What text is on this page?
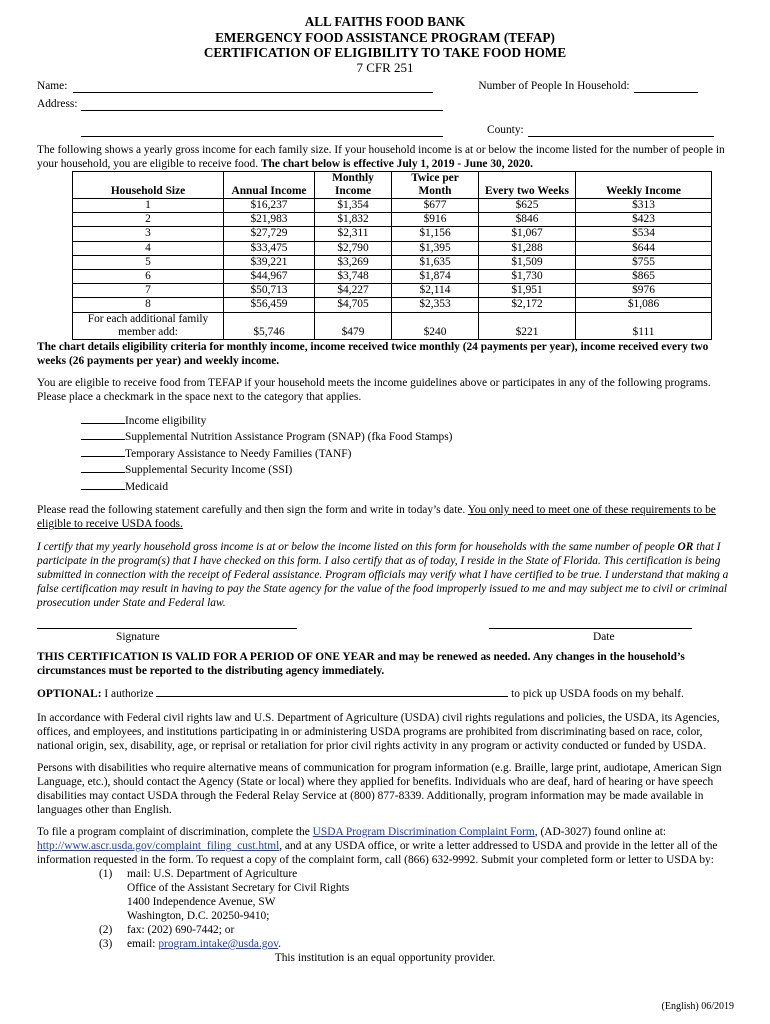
ALL FAITHS FOOD BANK
EMERGENCY FOOD ASSISTANCE PROGRAM (TEFAP)
CERTIFICATION OF ELIGIBILITY TO TAKE FOOD HOME
7 CFR 251
Name:	Number of People In Household:
Address:
County:

The following shows a yearly gross income for each family size. If your household income is at or below the income listed for the number of people in your household, you are eligible to receive food. The chart below is effective July 1, 2019 - June 30, 2020.

Household Size	Annual Income	Monthly Income	Twice per Month	Every two Weeks	Weekly Income
1	$16,237	$1,354	$677	$625	$313
2	$21,983	$1,832	$916	$846	$423
3	$27,729	$2,311	$1,156	$1,067	$534
4	$33,475	$2,790	$1,395	$1,288	$644
5	$39,221	$3,269	$1,635	$1,509	$755
6	$44,967	$3,748	$1,874	$1,730	$865
7	$50,713	$4,227	$2,114	$1,951	$976
8	$56,459	$4,705	$2,353	$2,172	$1,086
For each additional family member add:	$5,746	$479	$240	$221	$111

The chart details eligibility criteria for monthly income, income received twice monthly (24 payments per year), income received every two weeks (26 payments per year) and weekly income.

You are eligible to receive food from TEFAP if your household meets the income guidelines above or participates in any of the following programs. Please place a checkmark in the space next to the category that applies.

Income eligibility
Supplemental Nutrition Assistance Program (SNAP) (fka Food Stamps)
Temporary Assistance to Needy Families (TANF)
Supplemental Security Income (SSI)
Medicaid

Please read the following statement carefully and then sign the form and write in today’s date. You only need to meet one of these requirements to be eligible to receive USDA foods.

I certify that my yearly household gross income is at or below the income listed on this form for households with the same number of people OR that I participate in the program(s) that I have checked on this form. I also certify that as of today, I reside in the State of Florida. This certification is being submitted in connection with the receipt of Federal assistance. Program officials may verify what I have certified to be true. I understand that making a false certification may result in having to pay the State agency for the value of the food improperly issued to me and may subject me to civil or criminal prosecution under State and Federal law.

Signature	Date

THIS CERTIFICATION IS VALID FOR A PERIOD OF ONE YEAR and may be renewed as needed. Any changes in the household’s circumstances must be reported to the distributing agency immediately.

OPTIONAL: I authorize	to pick up USDA foods on my behalf.

In accordance with Federal civil rights law and U.S. Department of Agriculture (USDA) civil rights regulations and policies, the USDA, its Agencies, offices, and employees, and institutions participating in or administering USDA programs are prohibited from discriminating based on race, color, national origin, sex, disability, age, or reprisal or retaliation for prior civil rights activity in any program or activity conducted or funded by USDA.

Persons with disabilities who require alternative means of communication for program information (e.g. Braille, large print, audiotape, American Sign Language, etc.), should contact the Agency (State or local) where they applied for benefits. Individuals who are deaf, hard of hearing or have speech disabilities may contact USDA through the Federal Relay Service at (800) 877-8339. Additionally, program information may be made available in languages other than English.

To file a program complaint of discrimination, complete the USDA Program Discrimination Complaint Form, (AD-3027) found online at: http://www.ascr.usda.gov/complaint_filing_cust.html, and at any USDA office, or write a letter addressed to USDA and provide in the letter all of the information requested in the form. To request a copy of the complaint form, call (866) 632-9992. Submit your completed form or letter to USDA by:

(1) mail: U.S. Department of Agriculture
Office of the Assistant Secretary for Civil Rights
1400 Independence Avenue, SW
Washington, D.C. 20250-9410;
(2) fax: (202) 690-7442; or
(3) email: program.intake@usda.gov.
This institution is an equal opportunity provider.
(English) 06/2019
